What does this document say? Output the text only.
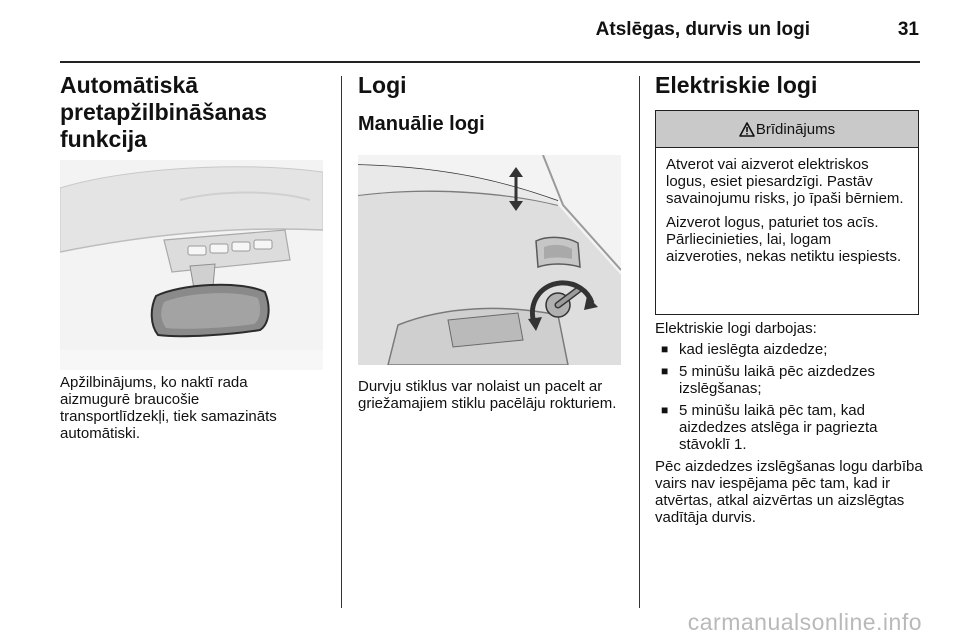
Atslēgas, durvis un logi	31
Automātiskā pretapžilbināšanas funkcija
Apžilbinājums, ko naktī rada aizmugurē braucošie transportlīdzekļi, tiek samazināts automātiski.
Logi
Manuālie logi
Durvju stiklus var nolaist un pacelt ar griežamajiem stiklu pacēlāju rokturiem.
Elektriskie logi
Brīdinājums

Atverot vai aizverot elektriskos logus, esiet piesardzīgi. Pastāv savainojumu risks, jo īpaši bērniem.

Aizverot logus, paturiet tos acīs. Pārliecinieties, lai, logam aizveroties, nekas netiktu iespiests.

Elektriskie logi darbojas:
■ kad ieslēgta aizdedze;
■ 5 minūšu laikā pēc aizdedzes izslēgšanas;
■ 5 minūšu laikā pēc tam, kad aizdedzes atslēga ir pagriezta stāvoklī 1.
Pēc aizdedzes izslēgšanas logu darbība vairs nav iespējama pēc tam, kad ir atvērtas, atkal aizvērtas un aizslēgtas vadītāja durvis.
carmanualsonline.info
